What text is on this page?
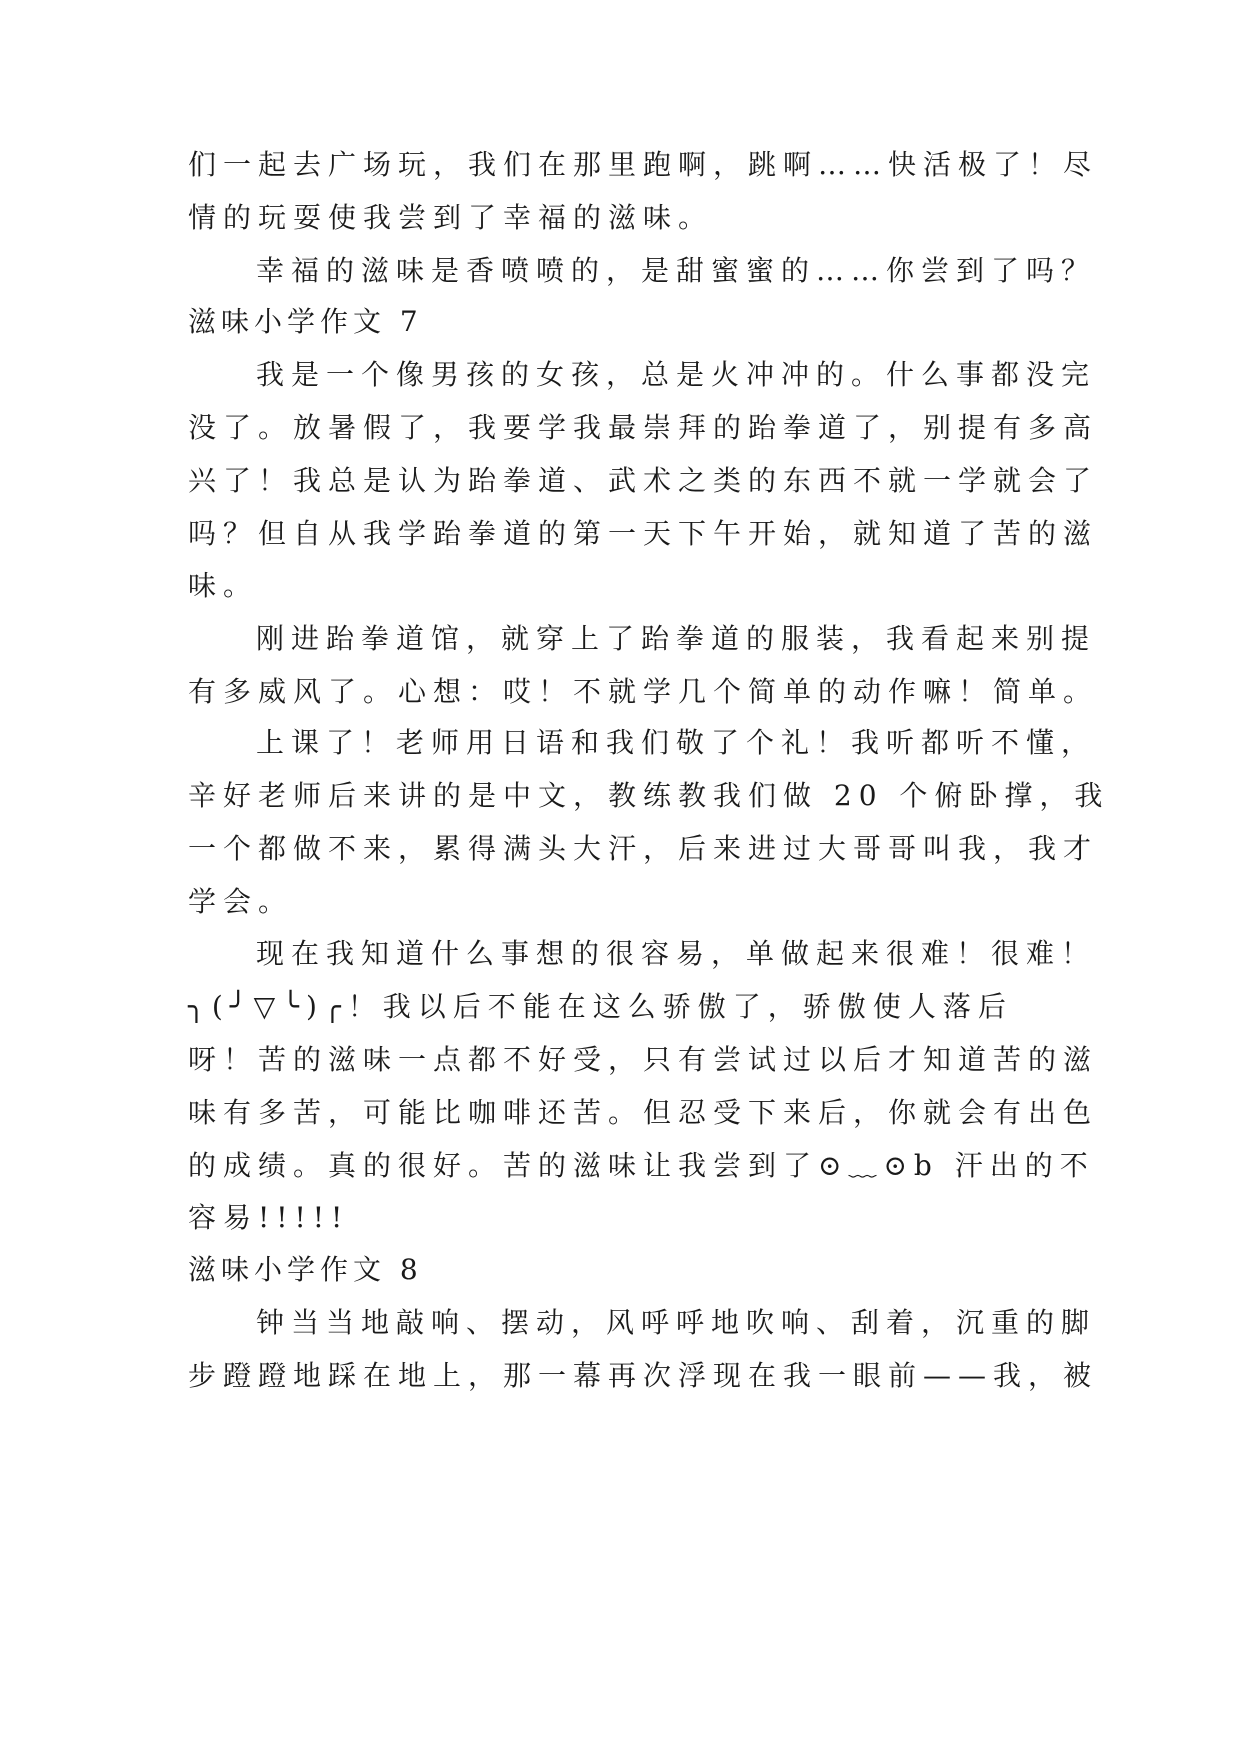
们一起去广场玩，我们在那里跑啊，跳啊……快活极了！尽

情的玩耍使我尝到了幸福的滋味。

幸福的滋味是香喷喷的，是甜蜜蜜的……你尝到了吗？

滋味小学作文 7

我是一个像男孩的女孩，总是火冲冲的。什么事都没完

没了。放暑假了，我要学我最崇拜的跆拳道了，别提有多高

兴了！我总是认为跆拳道、武术之类的东西不就一学就会了

吗？但自从我学跆拳道的第一天下午开始，就知道了苦的滋

味。

刚进跆拳道馆，就穿上了跆拳道的服装，我看起来别提

有多威风了。心想：哎！不就学几个简单的动作嘛！简单。

上课了！老师用日语和我们敬了个礼！我听都听不懂，

辛好老师后来讲的是中文，教练教我们做 20 个俯卧撑，我

一个都做不来，累得满头大汗，后来进过大哥哥叫我，我才

学会。

现在我知道什么事想的很容易，单做起来很难！很难！

╮(╯▽╰)╭！我以后不能在这么骄傲了，骄傲使人落后

呀！苦的滋味一点都不好受，只有尝试过以后才知道苦的滋

味有多苦，可能比咖啡还苦。但忍受下来后，你就会有出色

的成绩。真的很好。苦的滋味让我尝到了⊙﹏⊙b 汗出的不

容易!!!!!

滋味小学作文 8

钟当当地敲响、摆动，风呼呼地吹响、刮着，沉重的脚

步蹬蹬地踩在地上，那一幕再次浮现在我一眼前——我，被
